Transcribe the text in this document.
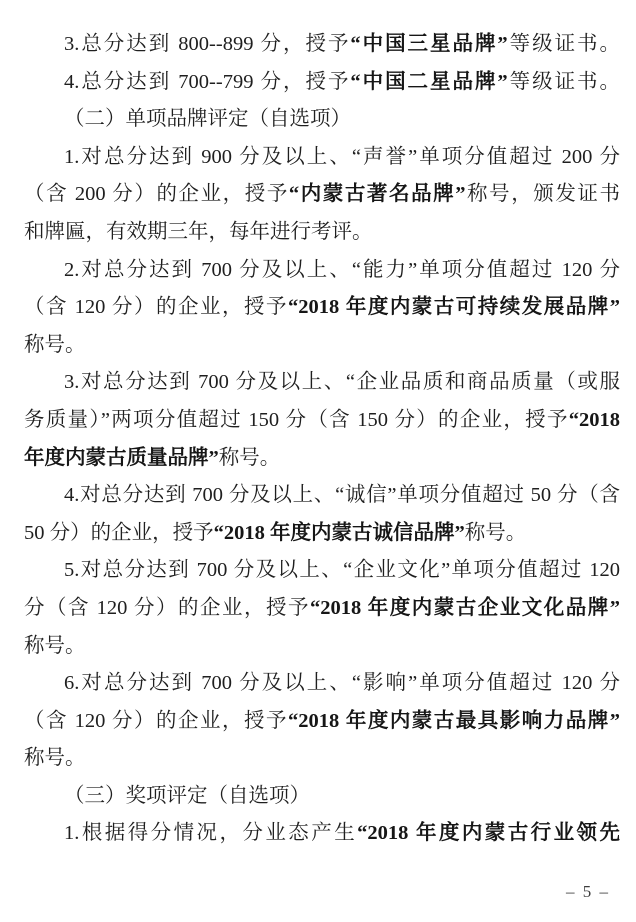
3.总分达到 800--899 分，授予“中国三星品牌”等级证书。
4.总分达到 700--799 分，授予“中国二星品牌”等级证书。
（二）单项品牌评定（自选项）
1.对总分达到 900 分及以上、“声誉”单项分值超过 200 分
（含 200 分）的企业，授予“内蒙古著名品牌”称号，颁发证书
和牌匾，有效期三年，每年进行考评。
2.对总分达到 700 分及以上、“能力”单项分值超过 120 分
（含 120 分）的企业，授予“2018 年度内蒙古可持续发展品牌”
称号。
3.对总分达到 700 分及以上、“企业品质和商品质量（或服
务质量）”两项分值超过 150 分（含 150 分）的企业，授予“2018
年度内蒙古质量品牌”称号。
4.对总分达到 700 分及以上、“诚信”单项分值超过 50 分（含
50 分）的企业，授予“2018 年度内蒙古诚信品牌”称号。
5.对总分达到 700 分及以上、“企业文化”单项分值超过 120
分（含 120 分）的企业，授予“2018 年度内蒙古企业文化品牌”
称号。
6.对总分达到 700 分及以上、“影响”单项分值超过 120 分
（含 120 分）的企业，授予“2018 年度内蒙古最具影响力品牌”
称号。
（三）奖项评定（自选项）
1.根据得分情况，分业态产生“2018 年度内蒙古行业领先
– 5 –
